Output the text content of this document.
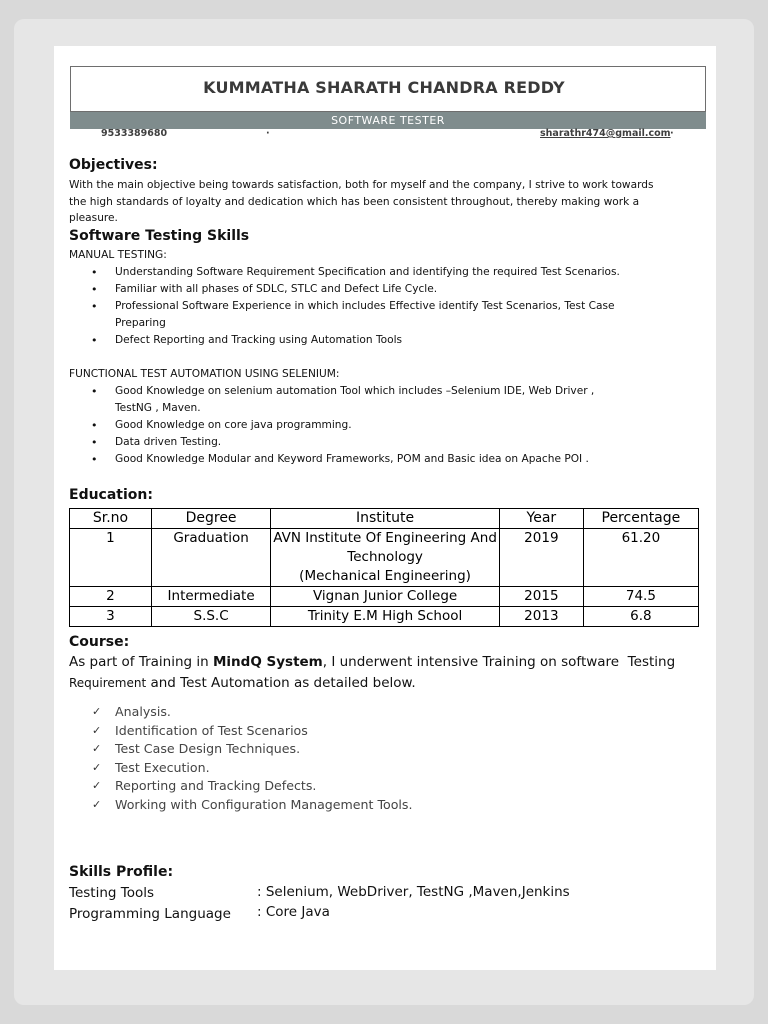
KUMMATHA SHARATH CHANDRA REDDY
SOFTWARE TESTER
9533389680	·	sharathr474@gmail.com ·
Objectives:
With the main objective being towards satisfaction, both for myself and the company, I strive to work towards
the high standards of loyalty and dedication which has been consistent throughout, thereby making work a
pleasure.
Software Testing Skills
MANUAL TESTING:
• Understanding Software Requirement Specification and identifying the required Test Scenarios.
• Familiar with all phases of SDLC, STLC and Defect Life Cycle.
• Professional Software Experience in which includes Effective identify Test Scenarios, Test Case
Preparing
• Defect Reporting and Tracking using Automation Tools
FUNCTIONAL TEST AUTOMATION USING SELENIUM:
• Good Knowledge on selenium automation Tool which includes –Selenium IDE, Web Driver ,
TestNG , Maven.
• Good Knowledge on core java programming.
• Data driven Testing.
• Good Knowledge Modular and Keyword Frameworks, POM and Basic idea on Apache POI .
Education:
Sr.no	Degree	Institute	Year	Percentage
1	Graduation	AVN Institute Of Engineering And
Technology
(Mechanical Engineering)	2019	61.20
2	Intermediate	Vignan Junior College	2015	74.5
3	S.S.C	Trinity E.M High School	2013	6.8
Course:
As part of Training in MindQ System, I underwent intensive Training on software  Testing
Requirement and Test Automation as detailed below.
✓ Analysis.
✓ Identification of Test Scenarios
✓ Test Case Design Techniques.
✓ Test Execution.
✓ Reporting and Tracking Defects.
✓ Working with Configuration Management Tools.
Skills Profile:
Testing Tools	: Selenium, WebDriver, TestNG ,Maven,Jenkins
Programming Language : Core Java
